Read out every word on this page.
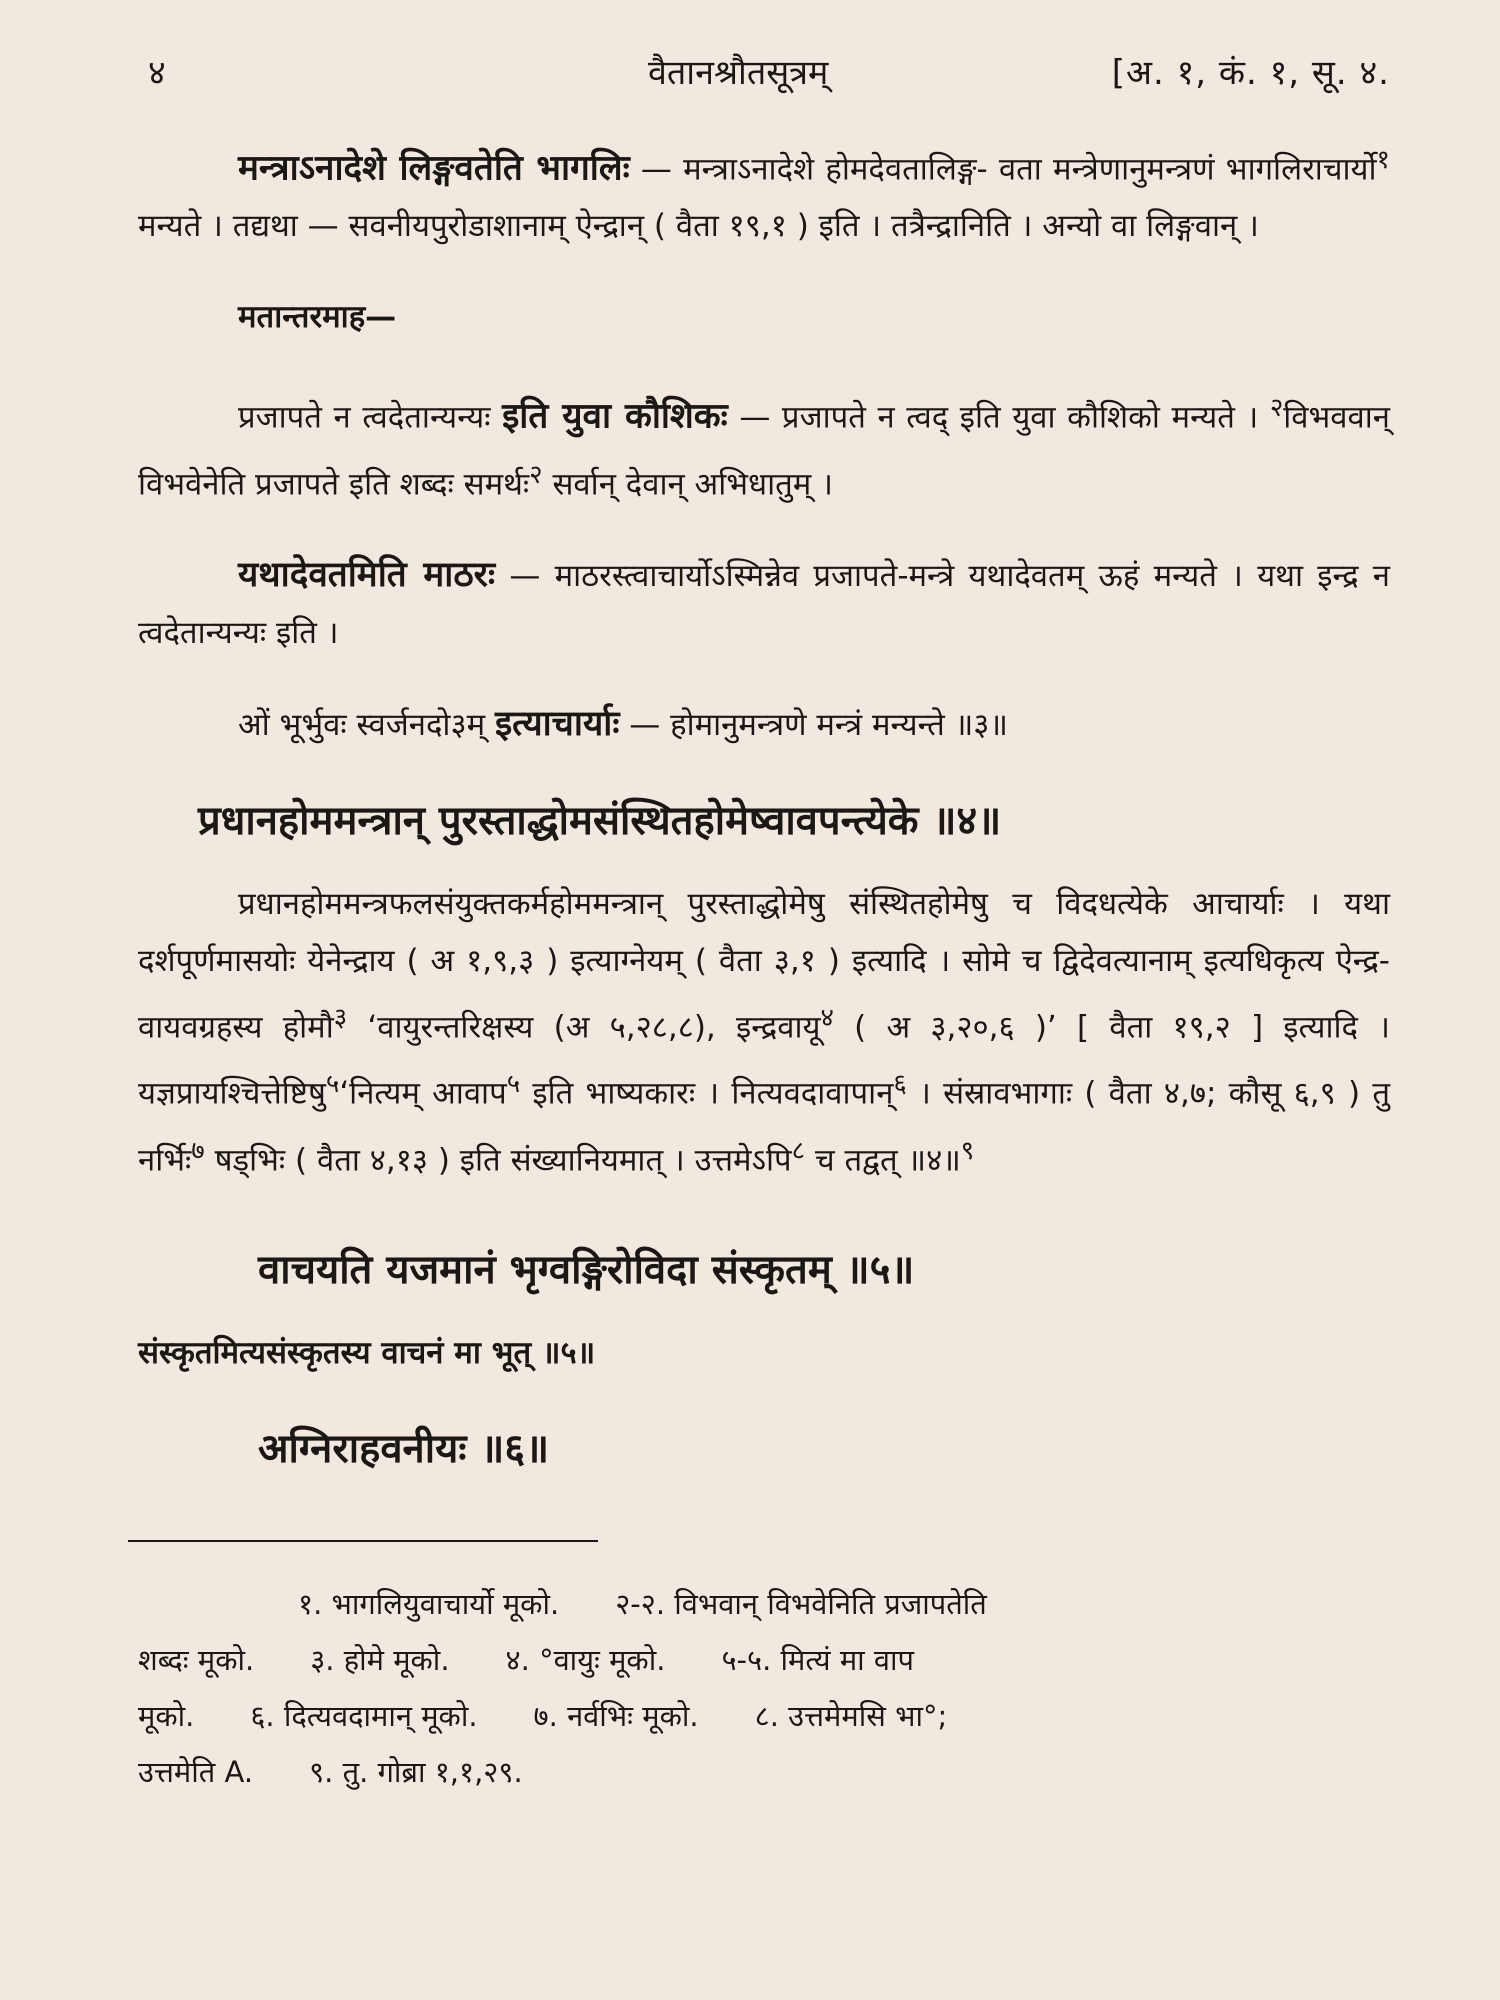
४	वैतानश्रौतसूत्रम्	[अ. १, कं. १, सू. ४.

मन्त्राऽनादेशे लिङ्गवतेति भागलिः — मन्त्राऽनादेशे होमदेवतालिङ्ग- वता मन्त्रेणानुमन्त्रणं भागलिराचार्यो$^१$ मन्यते । तद्यथा — सवनीयपुरोडाशानाम् ऐन्द्रान् ( वैता १९,१ ) इति । तत्रैन्द्रानिति । अन्यो वा लिङ्गवान् ।

मतान्तरमाह—

प्रजापते न त्वदेतान्यन्यः इति युवा कौशिकः — प्रजापते न त्वद् इति युवा कौशिको मन्यते । $^२$विभववान् विभवेनेति प्रजापते इति शब्दः समर्थः$^२$ सर्वान् देवान् अभिधातुम् ।

यथादेवतमिति माठरः — माठरस्त्वाचार्योऽस्मिन्नेव प्रजापते-मन्त्रे यथादेवतम् ऊहं मन्यते । यथा इन्द्र न त्वदेतान्यन्यः इति ।

ओं भूर्भुवः स्वर्जनदो३म् इत्याचार्याः — होमानुमन्त्रणे मन्त्रं मन्यन्ते ॥३॥

प्रधानहोममन्त्रान् पुरस्ताद्धोमसंस्थितहोमेष्वावपन्त्येके ॥४॥

प्रधानहोममन्त्रफलसंयुक्तकर्महोममन्त्रान् पुरस्ताद्धोमेषु संस्थितहोमेषु च विदधत्येके आचार्याः । यथा दर्शपूर्णमासयोः येनेन्द्राय ( अ १,९,३ ) इत्याग्नेयम् ( वैता ३,१ ) इत्यादि । सोमे च द्विदेवत्यानाम् इत्यधिकृत्य ऐन्द्र- वायवग्रहस्य होमौ$^३$ ‘वायुरन्तरिक्षस्य (अ ५,२८,८), इन्द्रवायू$^४$ ( अ ३,२०,६ )’ [ वैता १९,२ ] इत्यादि । यज्ञप्रायश्चित्तेष्टिषु$^५$‘नित्यम् आवाप$^५$ इति भाष्यकारः । नित्यवदावापान्$^६$ । संस्रावभागाः ( वैता ४,७; कौसू ६,९ ) तु नर्भिः$^७$ षड्भिः ( वैता ४,१३ ) इति संख्यानियमात् । उत्तमेऽपि$^८$ च तद्वत् ॥४॥$^९$

वाचयति यजमानं भृग्वङ्गिरोविदा संस्कृतम् ॥५॥

संस्कृतमित्यसंस्कृतस्य वाचनं मा भूत् ॥५॥

अग्निराहवनीयः ॥६॥

१. भागलियुवाचार्यो मूको. २-२. विभवान् विभवेनिति प्रजापतेति
शब्दः मूको. ३. होमे मूको. ४. °वायुः मूको. ५-५. मित्यं मा वाप
मूको. ६. दित्यवदामान् मूको. ७. नर्वभिः मूको. ८. उत्तमेमसि भा°;
उत्तमेति A. ९. तु. गोब्रा १,१,२९.
